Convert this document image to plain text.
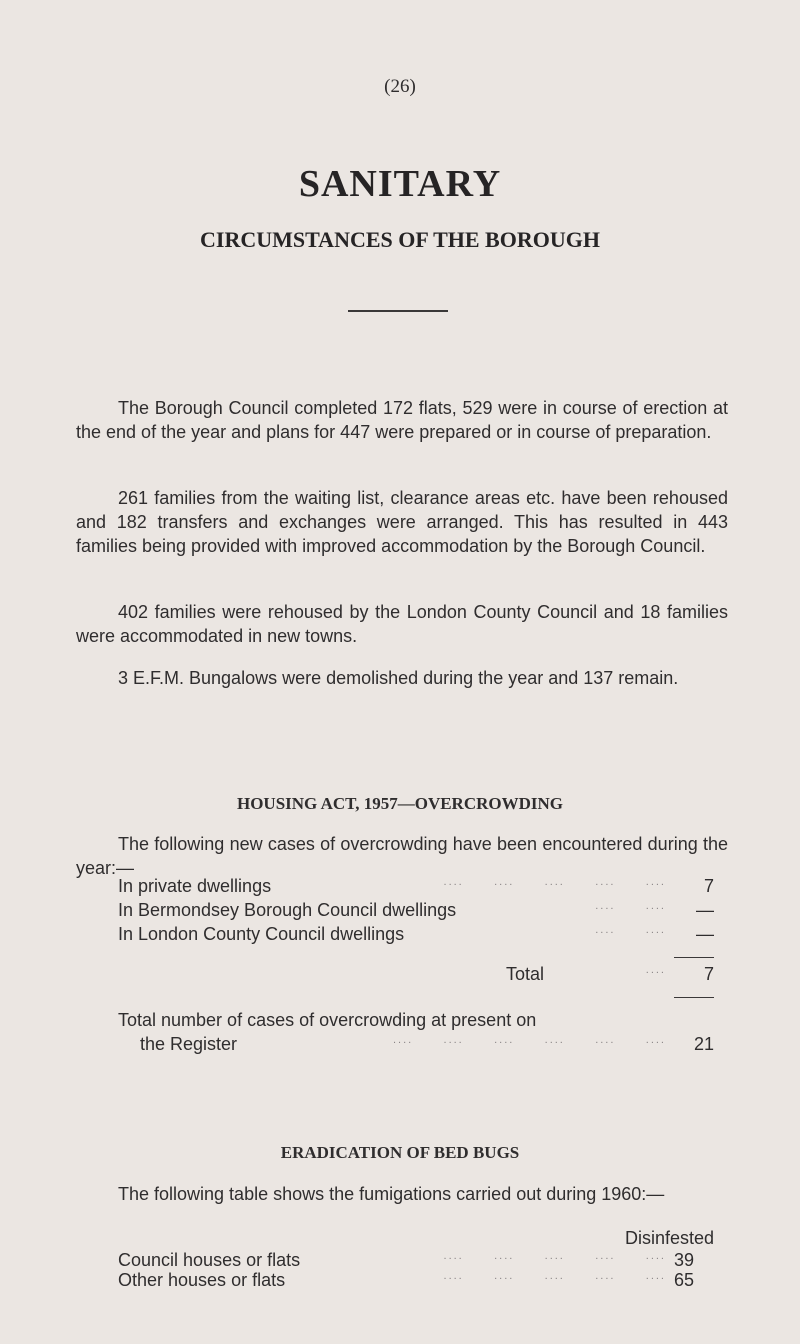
(26)
SANITARY
CIRCUMSTANCES OF THE BOROUGH

The Borough Council completed 172 flats, 529 were in course of erection at the end of the year and plans for 447 were prepared or in course of preparation.

261 families from the waiting list, clearance areas etc. have been rehoused and 182 transfers and exchanges were arranged. This has resulted in 443 families being provided with improved accommodation by the Borough Council.

402 families were rehoused by the London County Council and 18 families were accommodated in new towns.

3 E.F.M. Bungalows were demolished during the year and 137 remain.

HOUSING ACT, 1957—OVERCROWDING

The following new cases of overcrowding have been encountered during the year:—

In private dwellings	....      ....      ....      ....      .... 7
In Bermondsey Borough Council dwellings	....      .... —
In London County Council dwellings	....      .... —
Total	.... 7
Total number of cases of overcrowding at present on
the Register	....      ....      ....      ....      ....      .... 21
ERADICATION OF BED BUGS

The following table shows the fumigations carried out during 1960:—

Disinfested
Council houses or flats	....      ....      ....      ....      .... 39
Other houses or flats	....      ....      ....      ....      .... 65
